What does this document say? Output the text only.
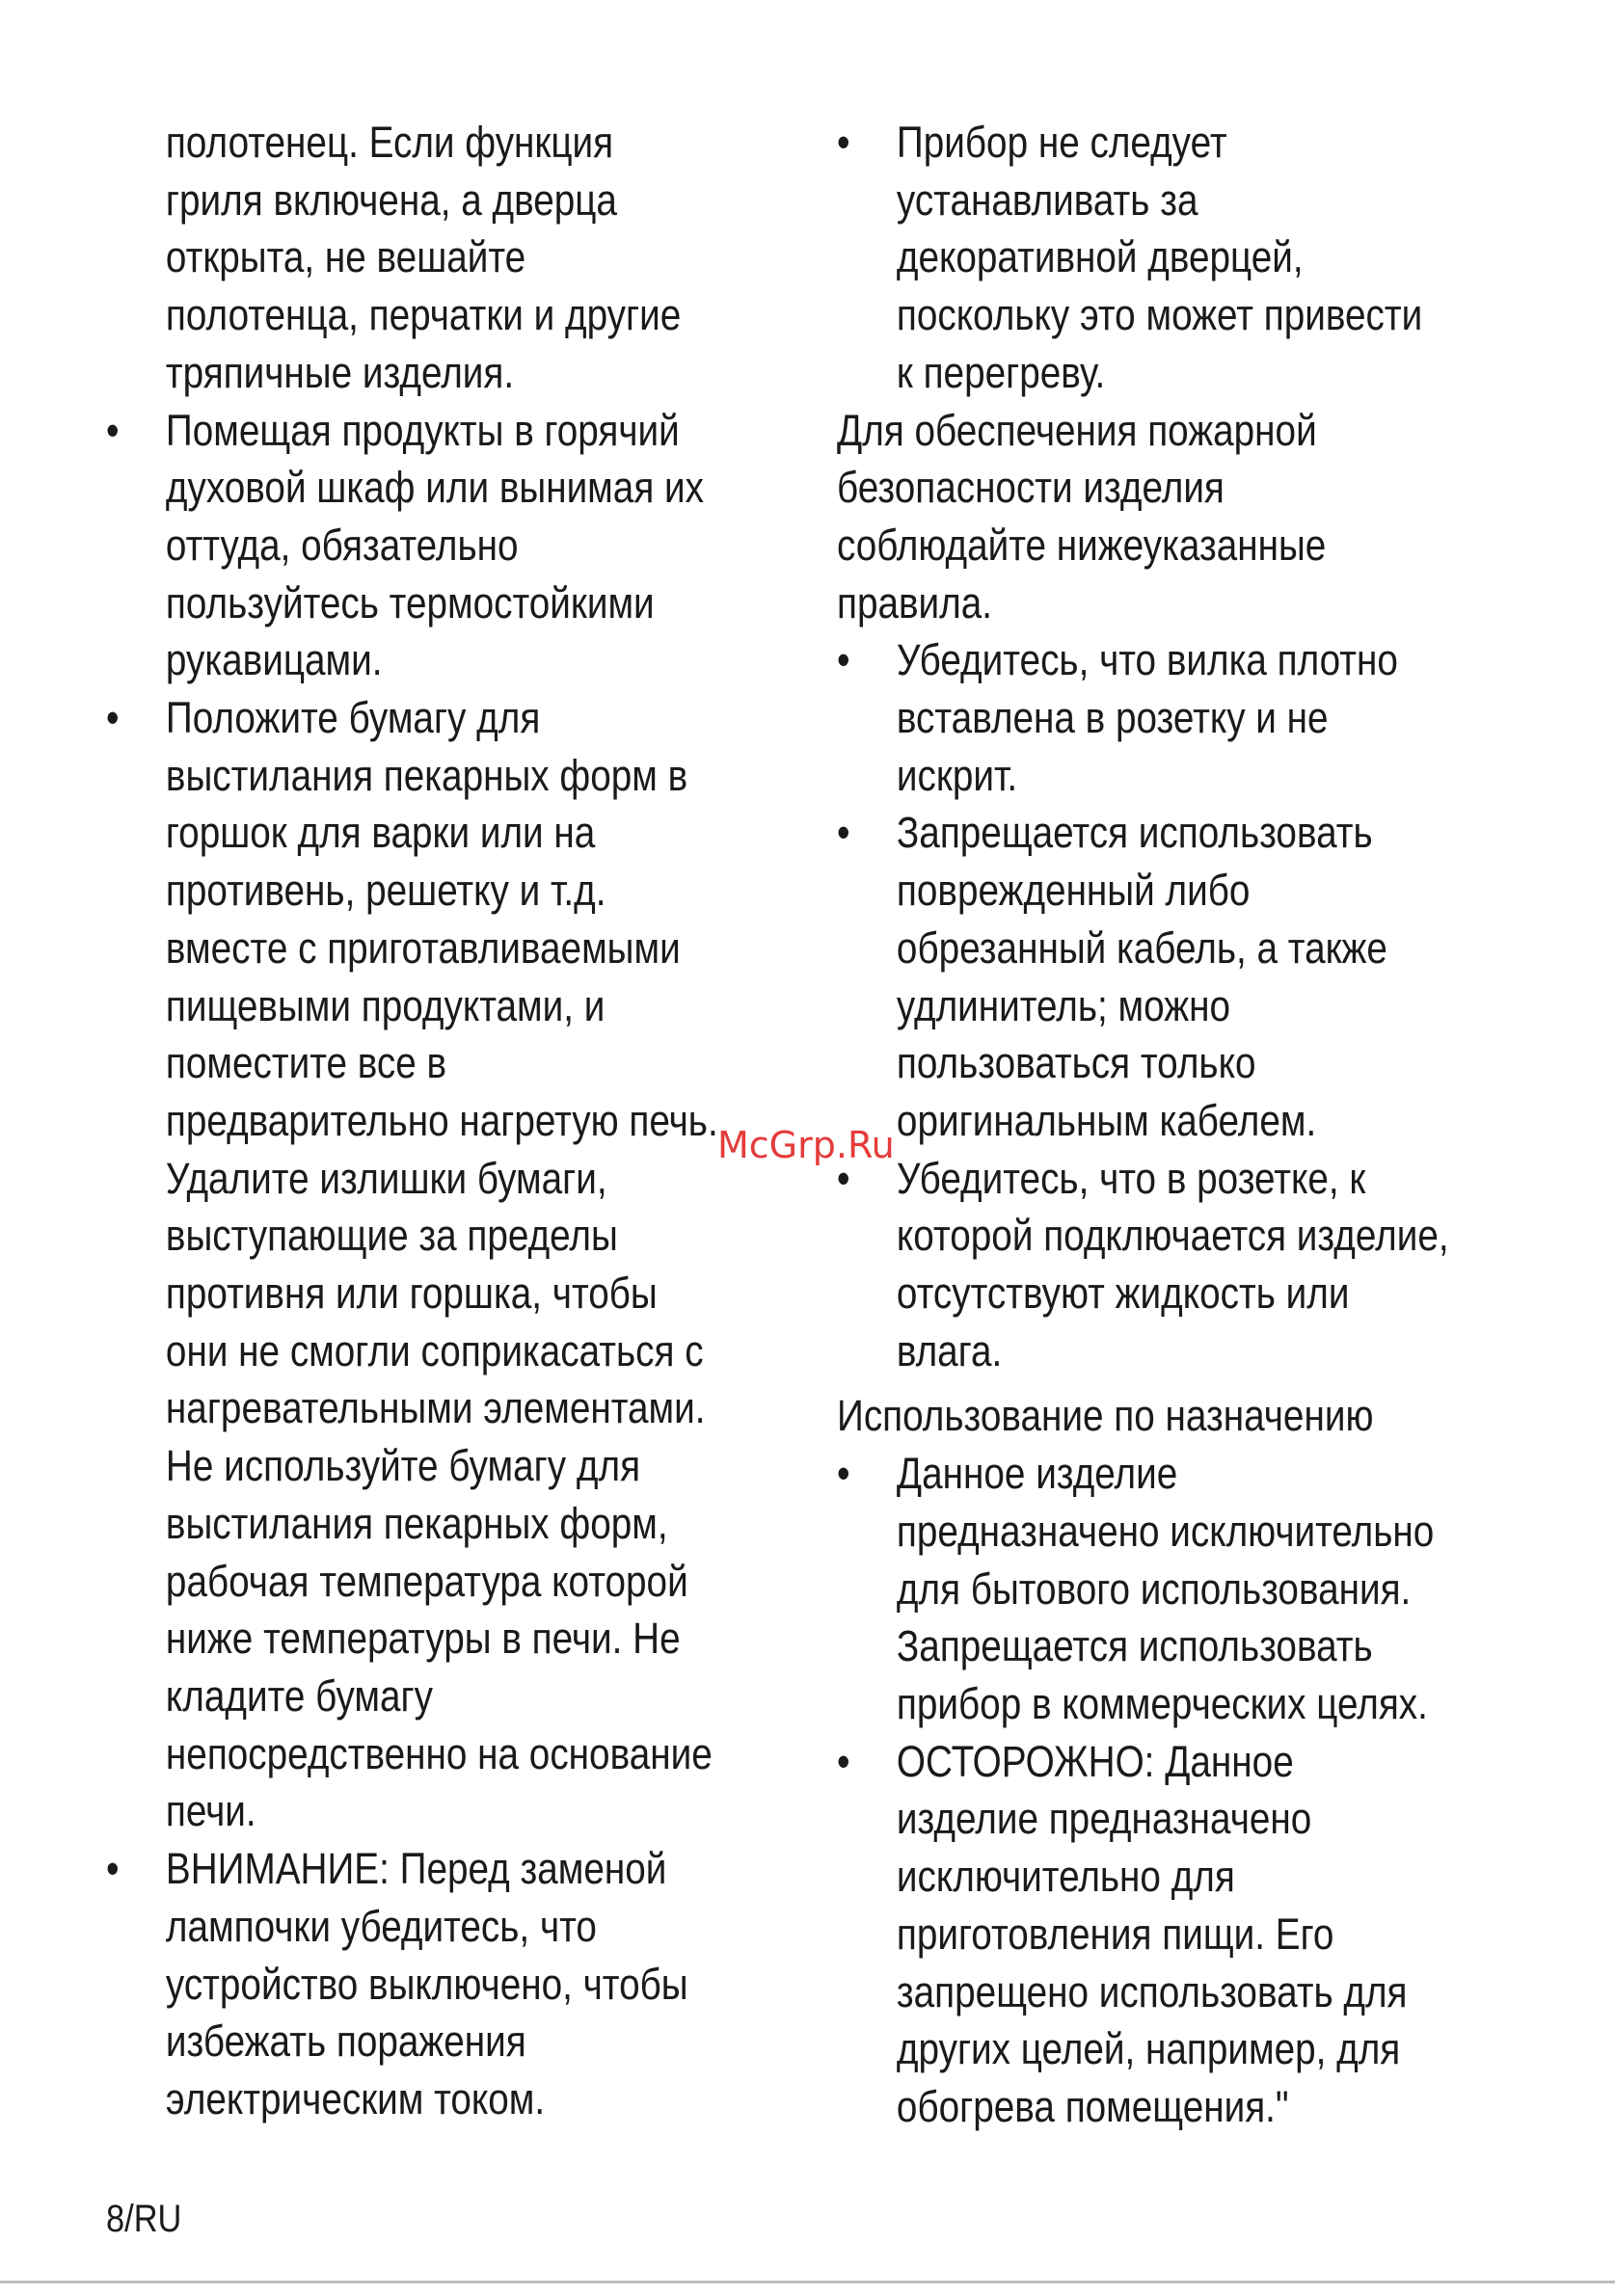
полотенец. Если функция
гриля включена, а дверца
открыта, не вешайте
полотенца, перчатки и другие
тряпичные изделия.
• Помещая продукты в горячий
духовой шкаф или вынимая их
оттуда, обязательно
пользуйтесь термостойкими
рукавицами.
• Положите бумагу для
выстилания пекарных форм в
горшок для варки или на
противень, решетку и т.д.
вместе с приготавливаемыми
пищевыми продуктами, и
поместите все в
предварительно нагретую печь.
Удалите излишки бумаги,
выступающие за пределы
противня или горшка, чтобы
они не смогли соприкасаться с
нагревательными элементами.
Не используйте бумагу для
выстилания пекарных форм,
рабочая температура которой
ниже температуры в печи. Не
кладите бумагу
непосредственно на основание
печи.
• ВНИМАНИЕ: Перед заменой
лампочки убедитесь, что
устройство выключено, чтобы
избежать поражения
электрическим током.
• Прибор не следует
устанавливать за
декоративной дверцей,
поскольку это может привести
к перегреву.
Для обеспечения пожарной
безопасности изделия
соблюдайте нижеуказанные
правила.
• Убедитесь, что вилка плотно
вставлена в розетку и не
искрит.
• Запрещается использовать
поврежденный либо
обрезанный кабель, а также
удлинитель; можно
пользоваться только
оригинальным кабелем.
• Убедитесь, что в розетке, к
которой подключается изделие,
отсутствуют жидкость или
влага.
Использование по назначению
• Данное изделие
предназначено исключительно
для бытового использования.
Запрещается использовать
прибор в коммерческих целях.
• ОСТОРОЖНО: Данное
изделие предназначено
исключительно для
приготовления пищи. Его
запрещено использовать для
других целей, например, для
обогрева помещения."
McGrp.Ru
8/RU
